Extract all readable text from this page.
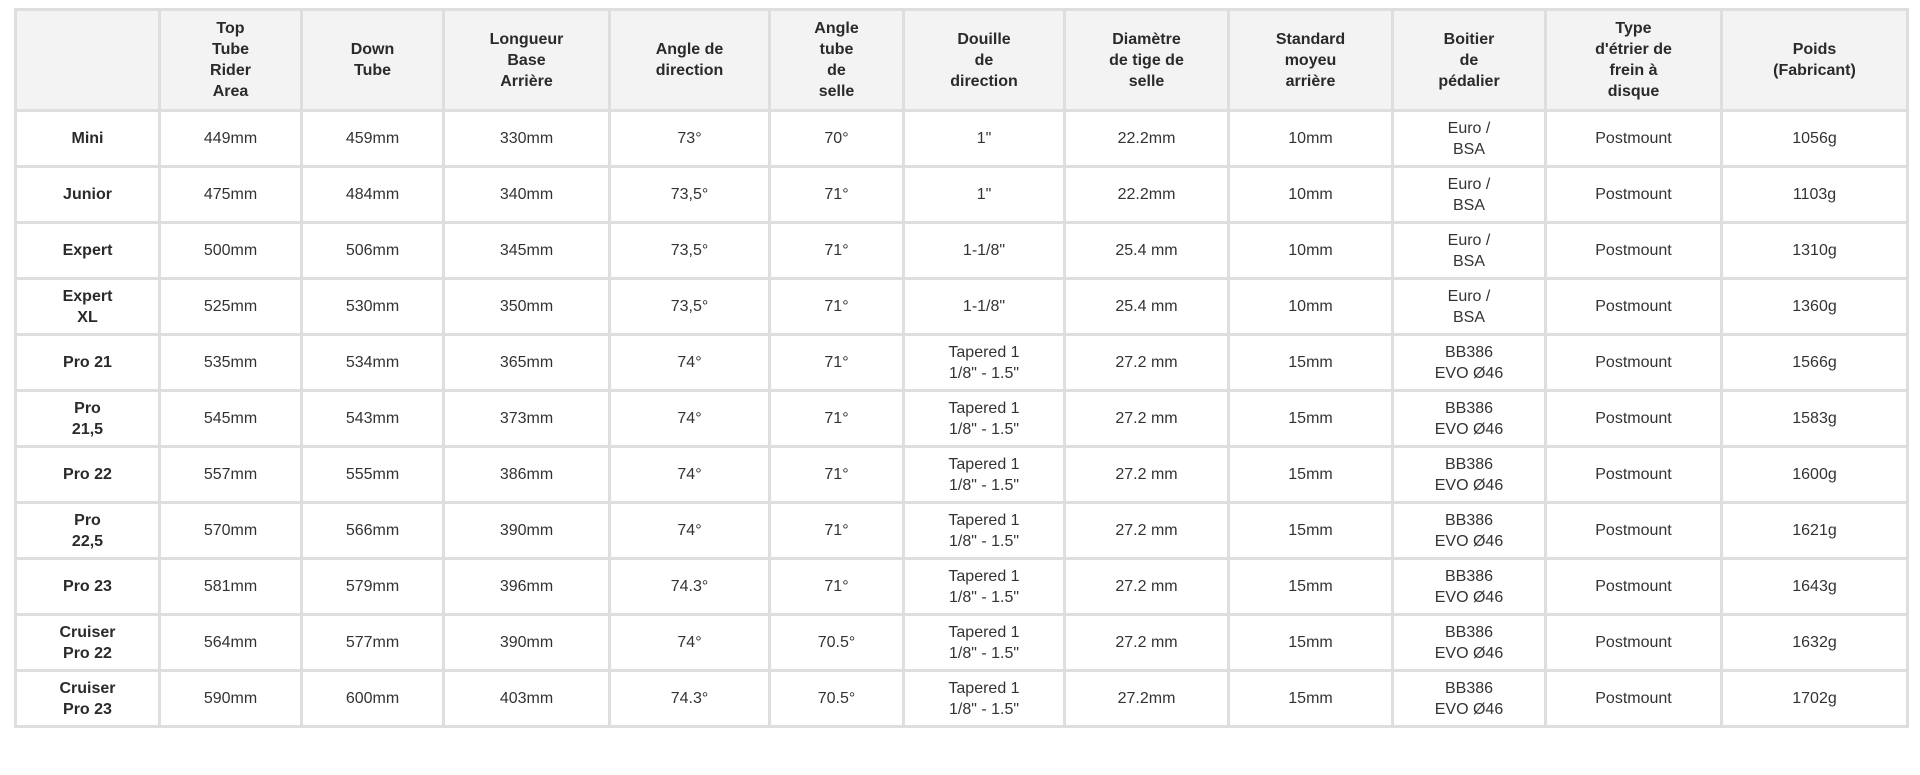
	Top
Tube
Rider
Area	Down
Tube	Longueur
Base
Arrière	Angle de
direction	Angle
tube
de
selle	Douille
de
direction	Diamètre
de tige de
selle	Standard
moyeu
arrière	Boitier
de
pédalier	Type
d'étrier de
frein à
disque	Poids
(Fabricant)
Mini	449mm	459mm	330mm	73°	70°	1"	22.2mm	10mm	Euro /
BSA	Postmount	1056g
Junior	475mm	484mm	340mm	73,5°	71°	1"	22.2mm	10mm	Euro /
BSA	Postmount	1103g
Expert	500mm	506mm	345mm	73,5°	71°	1-1/8"	25.4 mm	10mm	Euro /
BSA	Postmount	1310g
Expert
XL	525mm	530mm	350mm	73,5°	71°	1-1/8"	25.4 mm	10mm	Euro /
BSA	Postmount	1360g
Pro 21	535mm	534mm	365mm	74°	71°	Tapered 1
1/8" - 1.5"	27.2 mm	15mm	BB386
EVO Ø46	Postmount	1566g
Pro
21,5	545mm	543mm	373mm	74°	71°	Tapered 1
1/8" - 1.5"	27.2 mm	15mm	BB386
EVO Ø46	Postmount	1583g
Pro 22	557mm	555mm	386mm	74°	71°	Tapered 1
1/8" - 1.5"	27.2 mm	15mm	BB386
EVO Ø46	Postmount	1600g
Pro
22,5	570mm	566mm	390mm	74°	71°	Tapered 1
1/8" - 1.5"	27.2 mm	15mm	BB386
EVO Ø46	Postmount	1621g
Pro 23	581mm	579mm	396mm	74.3°	71°	Tapered 1
1/8" - 1.5"	27.2 mm	15mm	BB386
EVO Ø46	Postmount	1643g
Cruiser
Pro 22	564mm	577mm	390mm	74°	70.5°	Tapered 1
1/8" - 1.5"	27.2 mm	15mm	BB386
EVO Ø46	Postmount	1632g
Cruiser
Pro 23	590mm	600mm	403mm	74.3°	70.5°	Tapered 1
1/8" - 1.5"	27.2mm	15mm	BB386
EVO Ø46	Postmount	1702g
